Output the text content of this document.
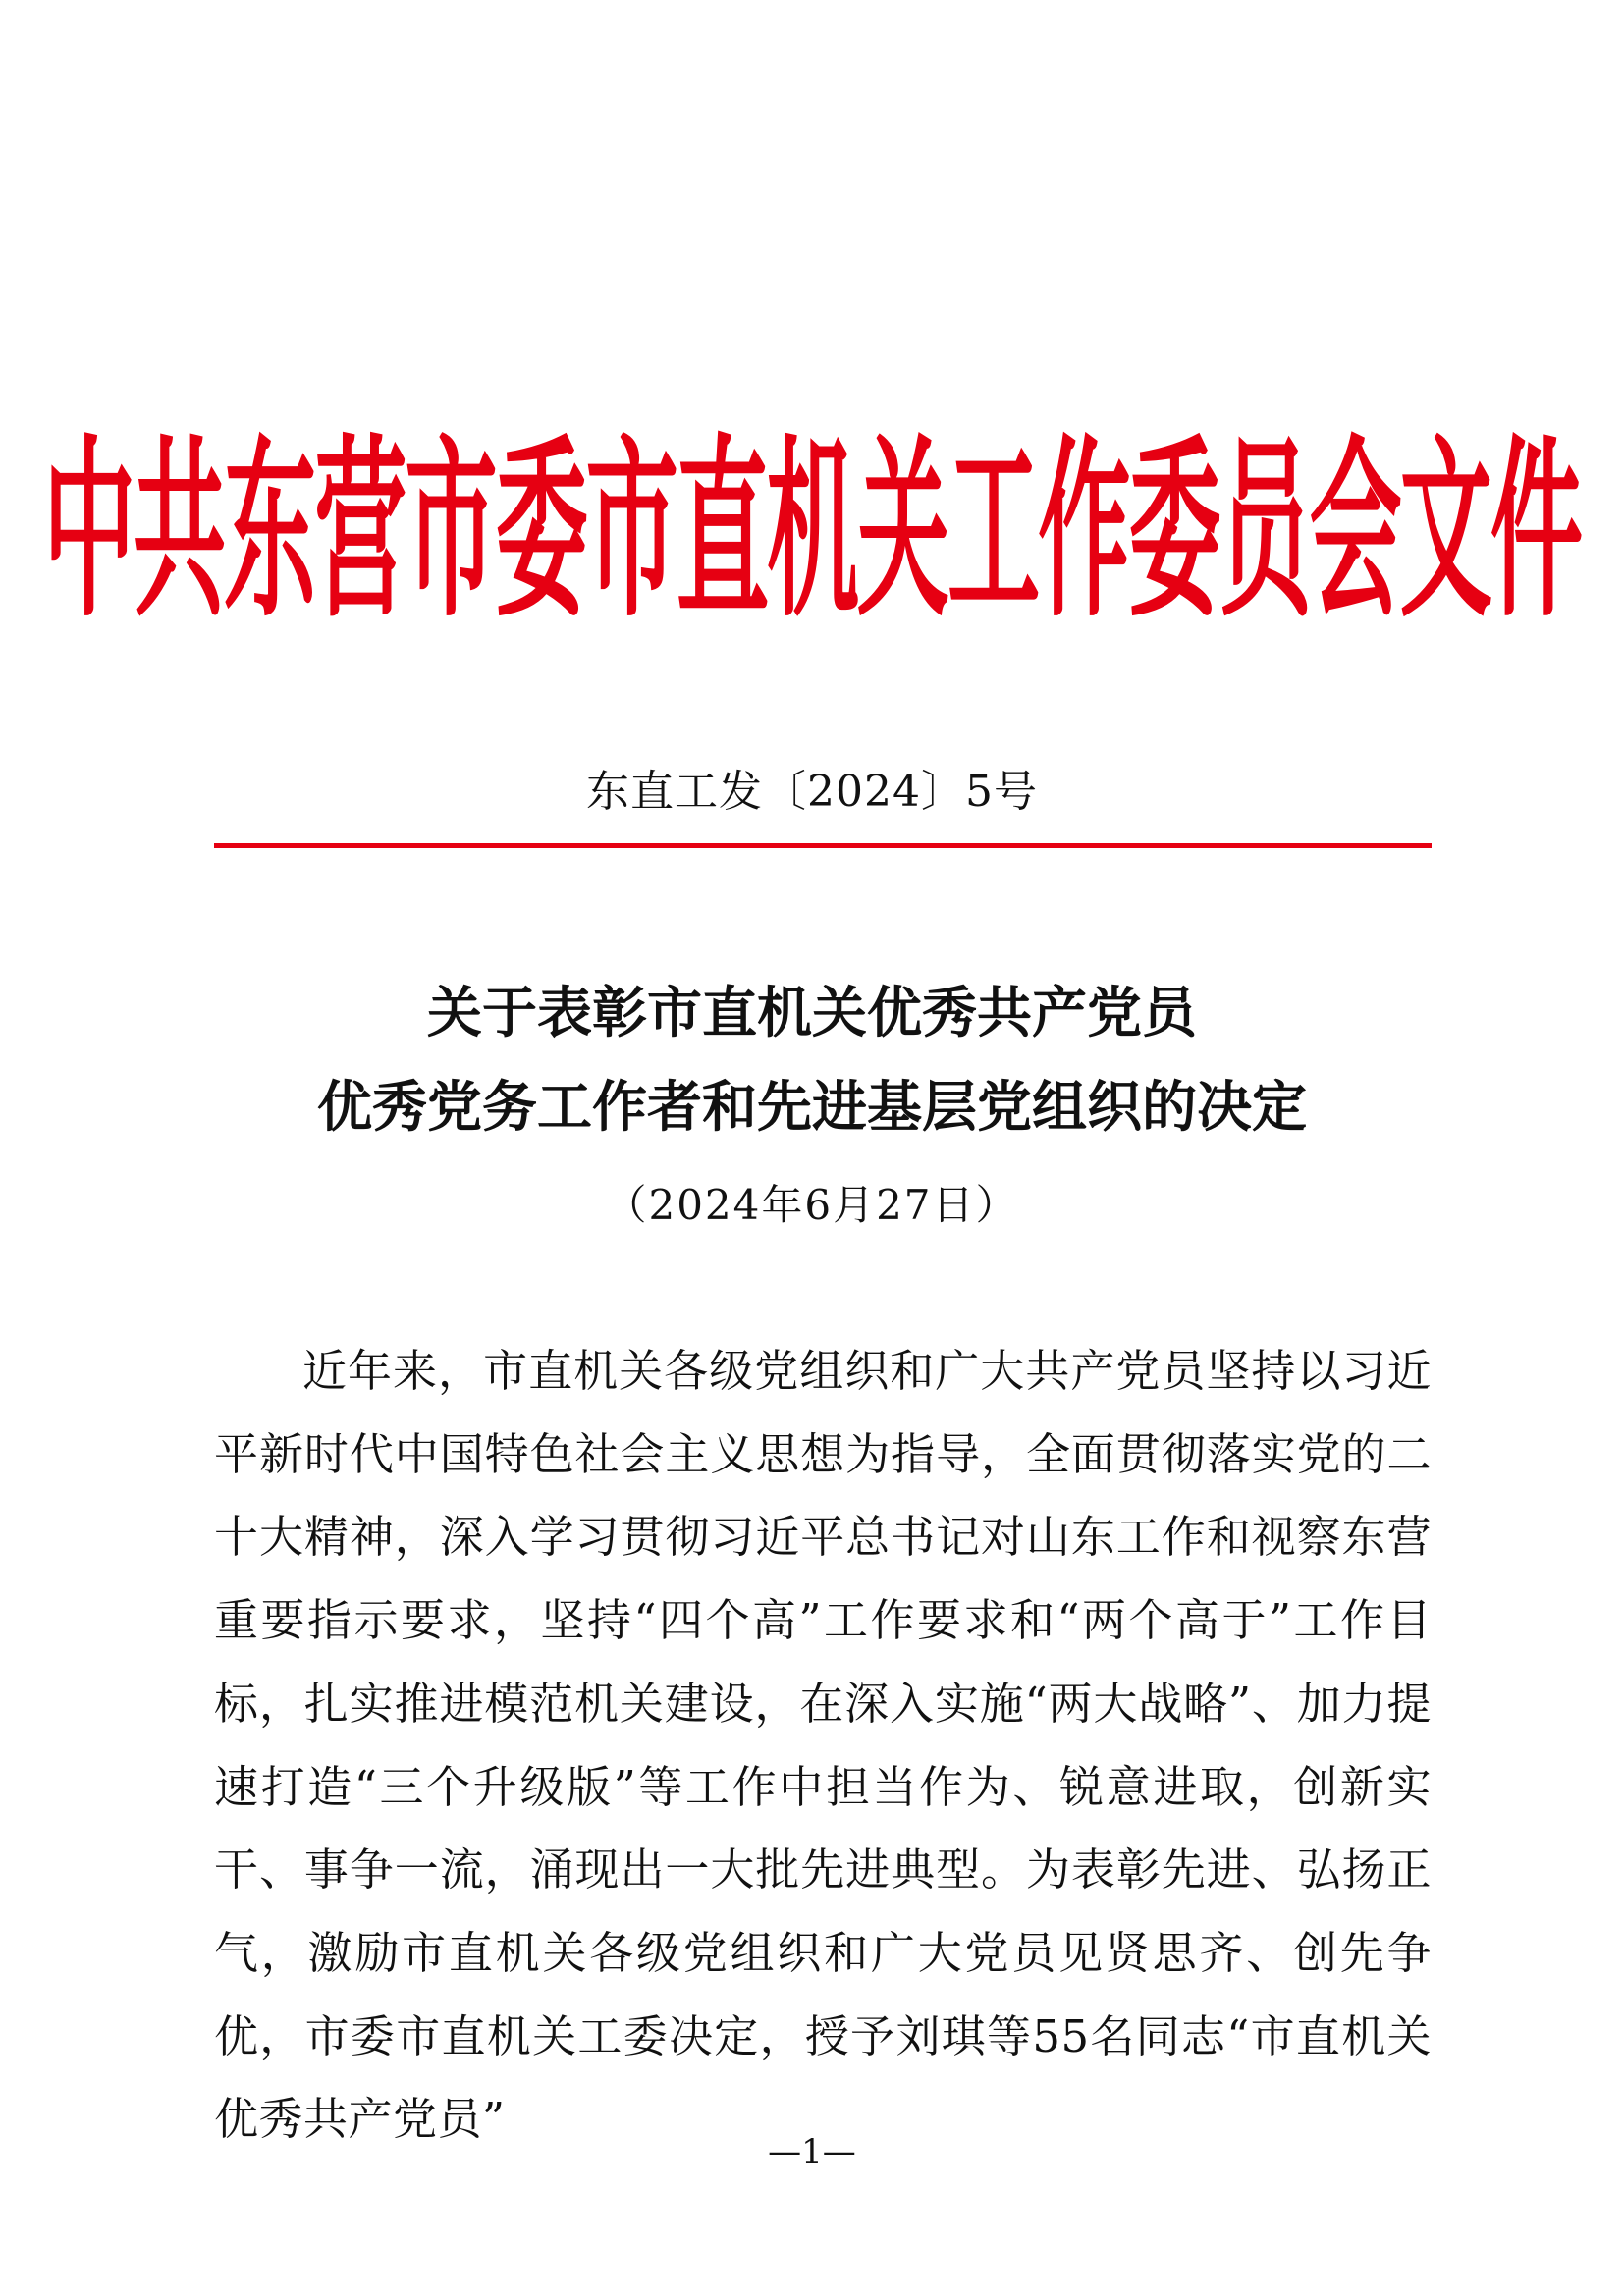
中共东营市委市直机关工作委员会文件
东直工发〔2024〕5号
关于表彰市直机关优秀共产党员
优秀党务工作者和先进基层党组织的决定
（2024年6月27日）

近年来，市直机关各级党组织和广大共产党员坚持以习近平新时代中国特色社会主义思想为指导，全面贯彻落实党的二十大精神，深入学习贯彻习近平总书记对山东工作和视察东营重要指示要求，坚持“四个高”工作要求和“两个高于”工作目标，扎实推进模范机关建设，在深入实施“两大战略”、加力提速打造“三个升级版”等工作中担当作为、锐意进取，创新实干、事争一流，涌现出一大批先进典型。为表彰先进、弘扬正气，激励市直机关各级党组织和广大党员见贤思齐、创先争优，市委市直机关工委决定，授予刘琪等55名同志“市直机关优秀共产党员”

—1—
